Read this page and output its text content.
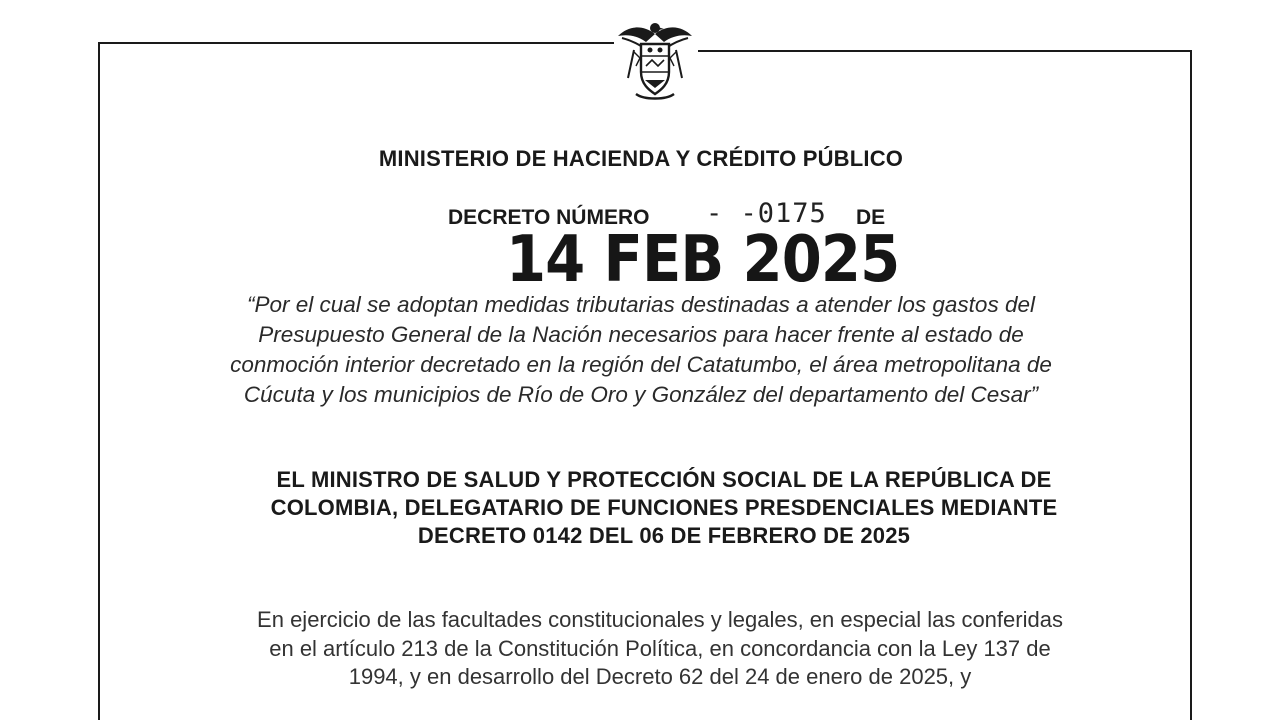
MINISTERIO DE HACIENDA Y CRÉDITO PÚBLICO
DECRETO NÚMERO - -0175 DE
14 FEB 2025
“Por el cual se adoptan medidas tributarias destinadas a atender los gastos del
Presupuesto General de la Nación necesarios para hacer frente al estado de
conmoción interior decretado en la región del Catatumbo, el área metropolitana de
Cúcuta y los municipios de Río de Oro y González del departamento del Cesar”
EL MINISTRO DE SALUD Y PROTECCIÓN SOCIAL DE LA REPÚBLICA DE
COLOMBIA, DELEGATARIO DE FUNCIONES PRESDENCIALES MEDIANTE
DECRETO 0142 DEL 06 DE FEBRERO DE 2025
En ejercicio de las facultades constitucionales y legales, en especial las conferidas
en el artículo 213 de la Constitución Política, en concordancia con la Ley 137 de
1994, y en desarrollo del Decreto 62 del 24 de enero de 2025, y
